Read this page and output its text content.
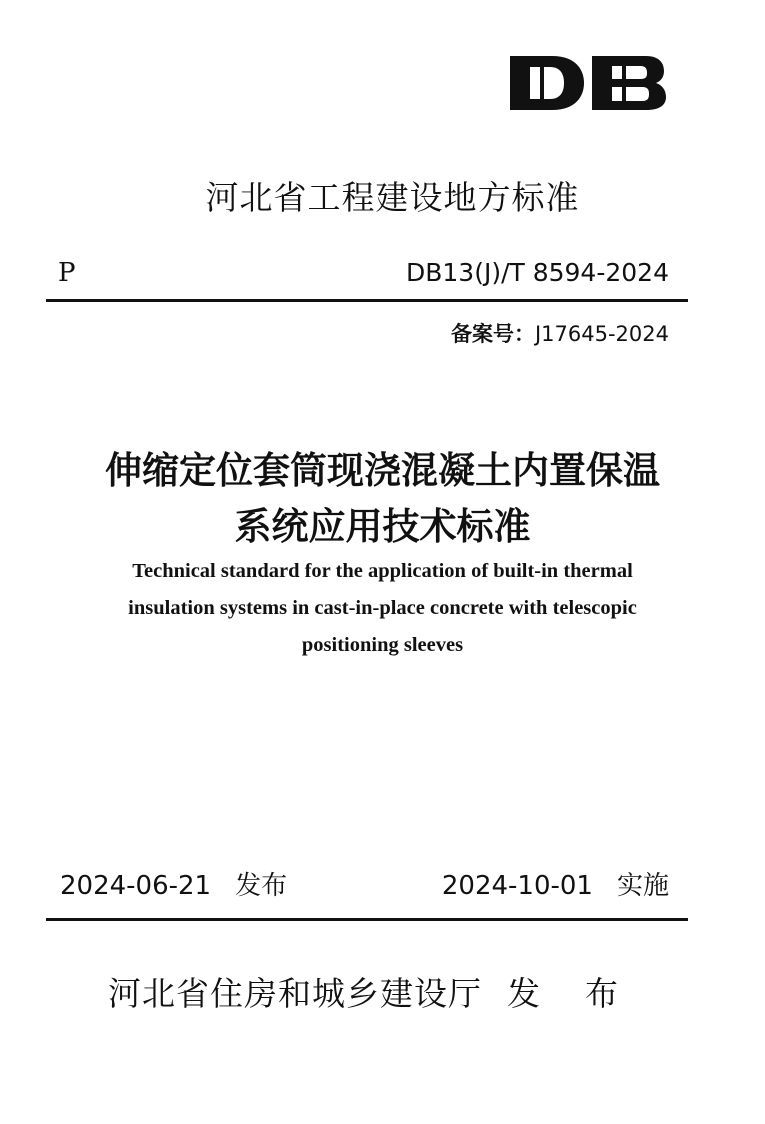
河北省工程建设地方标准
P	DB13(J)/T 8594-2024
备案号：J17645-2024
伸缩定位套筒现浇混凝土内置保温
系统应用技术标准
Technical standard for the application of built-in thermal
insulation systems in cast-in-place concrete with telescopic
positioning sleeves
2024-06-21 发布	2024-10-01 实施
河北省住房和城乡建设厅 发 布
